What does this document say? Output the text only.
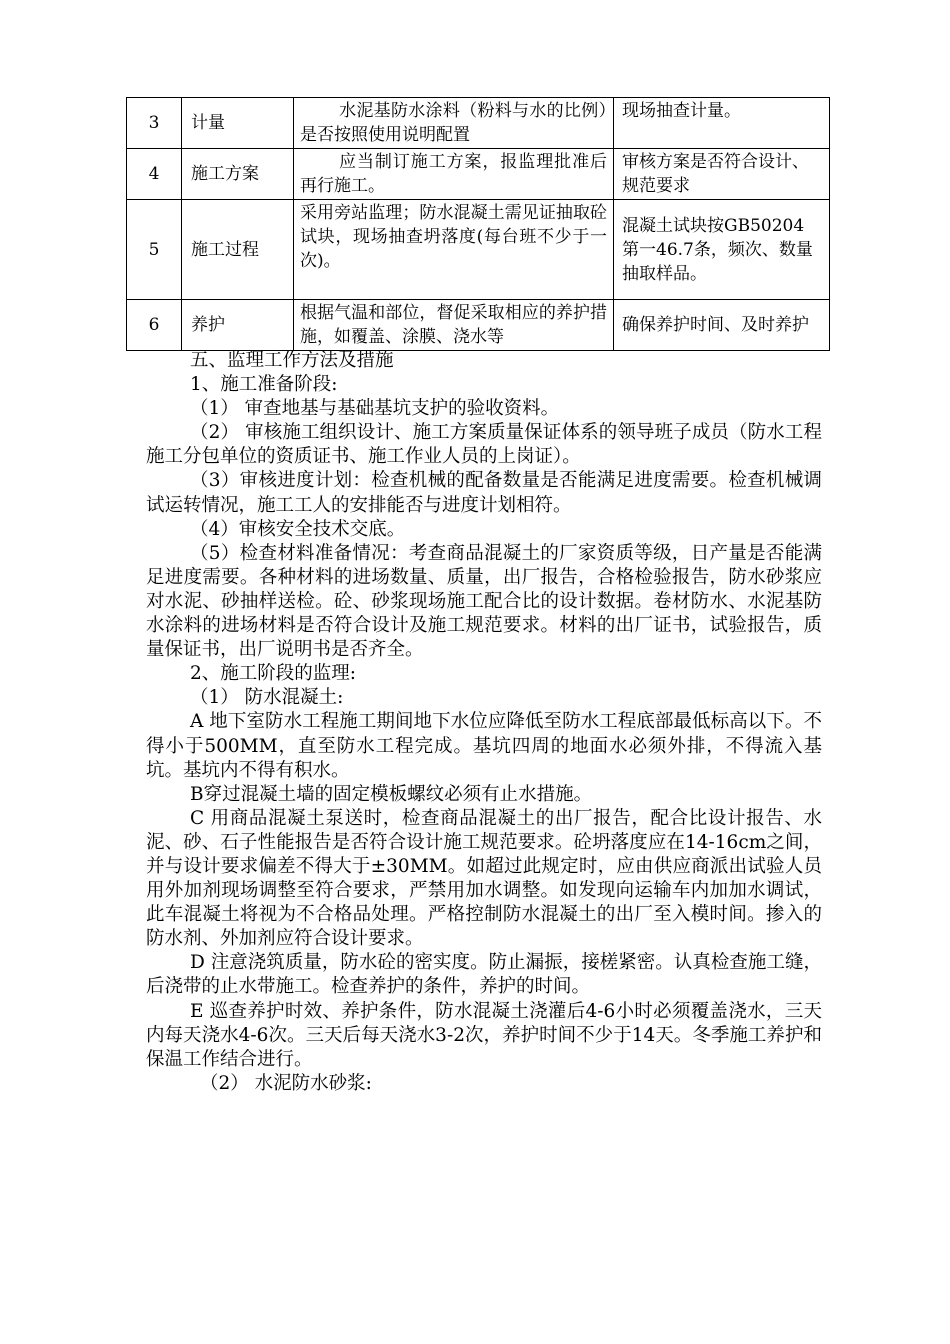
3	计量	水泥基防水涂料（粉料与水的比例）是否按照使用说明配置	现场抽查计量。
4	施工方案	应当制订施工方案，报监理批准后再行施工。	审核方案是否符合设计、规范要求
5	施工过程	采用旁站监理；防水混凝土需见证抽取砼试块，现场抽查坍落度(每台班不少于一次)。	混凝土试块按GB50204第一46.7条，频次、数量抽取样品。
6	养护	根据气温和部位，督促采取相应的养护措施，如覆盖、涂膜、浇水等	确保养护时间、及时养护

五、监理工作方法及措施

1、施工准备阶段:

（1） 审查地基与基础基坑支护的验收资料。

（2） 审核施工组织设计、施工方案质量保证体系的领导班子成员（防水工程施工分包单位的资质证书、施工作业人员的上岗证）。

（3）审核进度计划：检查机械的配备数量是否能满足进度需要。检查机械调试运转情况，施工工人的安排能否与进度计划相符。

（4）审核安全技术交底。

（5）检查材料准备情况：考查商品混凝土的厂家资质等级，日产量是否能满足进度需要。各种材料的进场数量、质量，出厂报告，合格检验报告，防水砂浆应对水泥、砂抽样送检。砼、砂浆现场施工配合比的设计数据。卷材防水、水泥基防水涂料的进场材料是否符合设计及施工规范要求。材料的出厂证书，试验报告，质量保证书，出厂说明书是否齐全。

2、施工阶段的监理:

（1） 防水混凝土:

A 地下室防水工程施工期间地下水位应降低至防水工程底部最低标高以下。不得小于500MM，直至防水工程完成。基坑四周的地面水必须外排，不得流入基坑。基坑内不得有积水。

B穿过混凝土墙的固定模板螺纹必须有止水措施。

C 用商品混凝土泵送时，检查商品混凝土的出厂报告，配合比设计报告、水泥、砂、石子性能报告是否符合设计施工规范要求。砼坍落度应在14-16cm之间，并与设计要求偏差不得大于±30MM。如超过此规定时，应由供应商派出试验人员用外加剂现场调整至符合要求，严禁用加水调整。如发现向运输车内加加水调试，此车混凝土将视为不合格品处理。严格控制防水混凝土的出厂至入模时间。掺入的防水剂、外加剂应符合设计要求。

D 注意浇筑质量，防水砼的密实度。防止漏振，接槎紧密。认真检查施工缝，后浇带的止水带施工。检查养护的条件，养护的时间。

E 巡查养护时效、养护条件，防水混凝土浇灌后4-6小时必须覆盖浇水，三天内每天浇水4-6次。三天后每天浇水3-2次，养护时间不少于14天。冬季施工养护和保温工作结合进行。

（2） 水泥防水砂浆:
